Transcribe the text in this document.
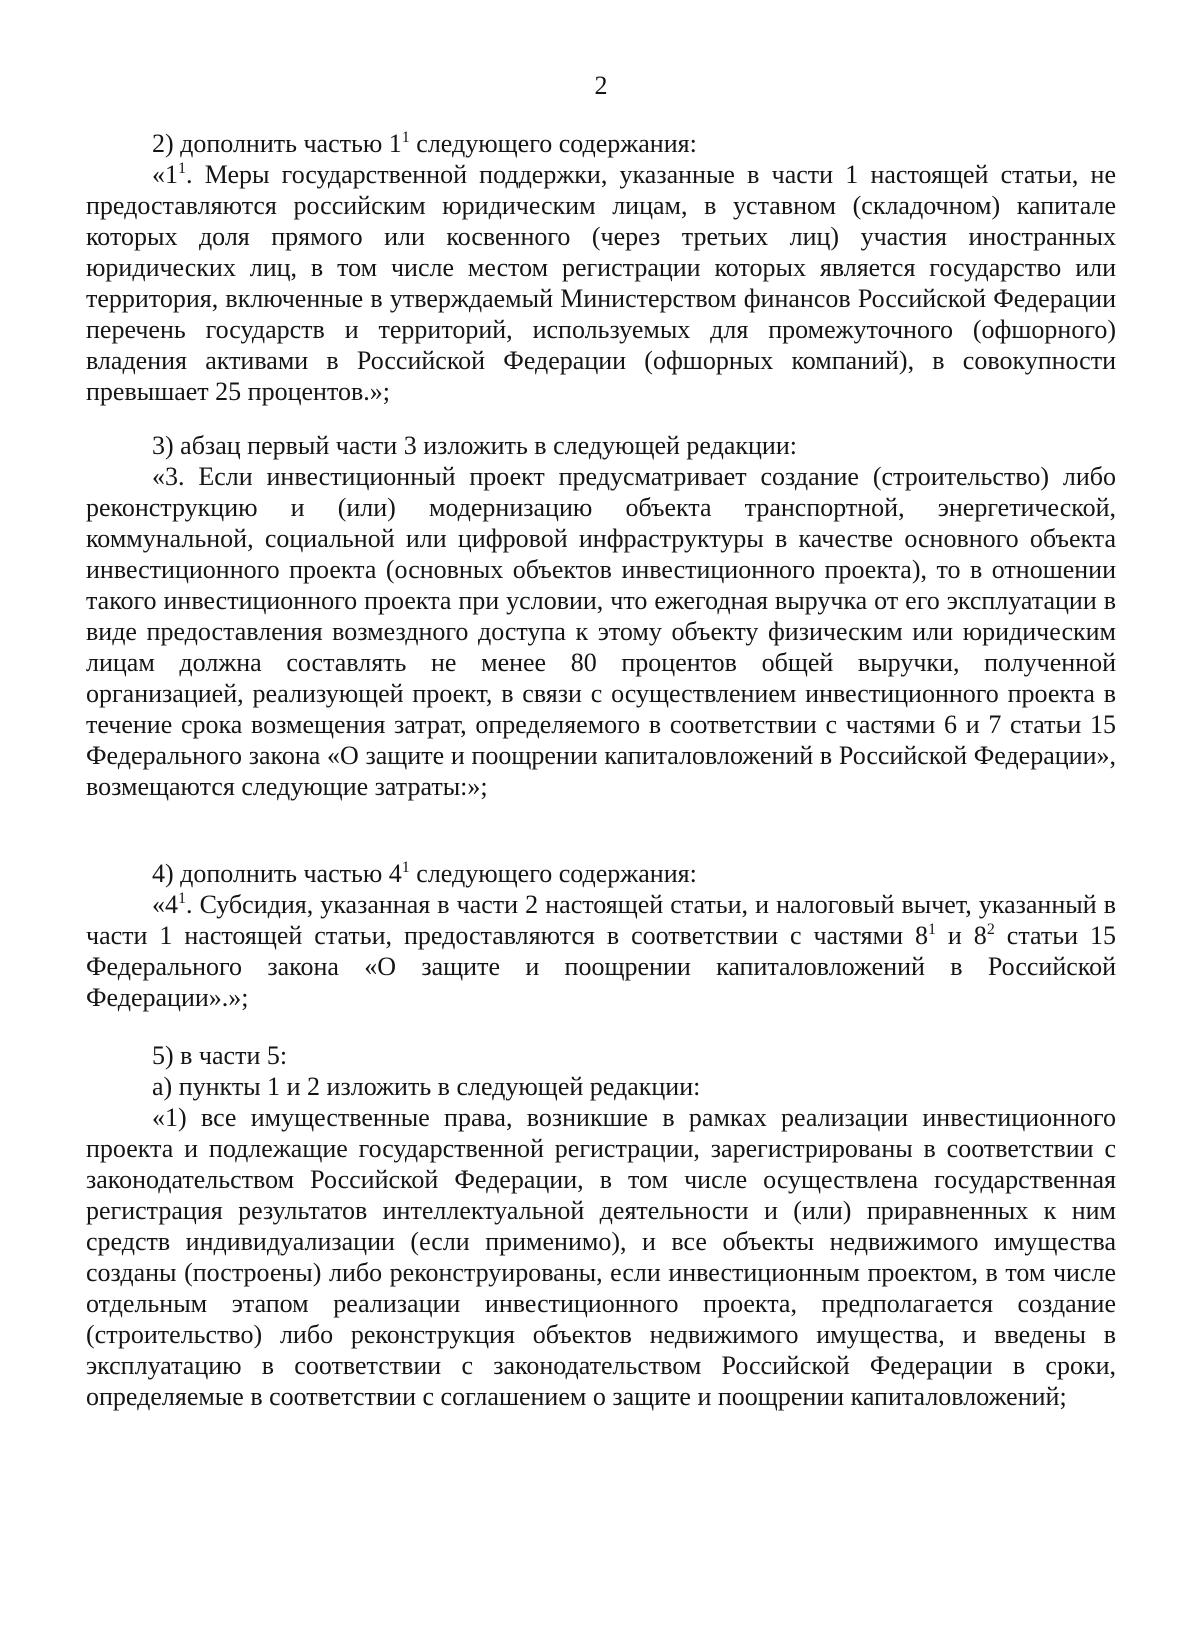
2

2) дополнить частью $1^1$ следующего содержания:

«$1^1$. Меры государственной поддержки, указанные в части 1 настоящей статьи, не предоставляются российским юридическим лицам, в уставном (складочном) капитале которых доля прямого или косвенного (через третьих лиц) участия иностранных юридических лиц, в том числе местом регистрации которых является государство или территория, включенные в утверждаемый Министерством финансов Российской Федерации перечень государств и территорий, используемых для промежуточного (офшорного) владения активами в Российской Федерации (офшорных компаний), в совокупности превышает 25 процентов.»;

3) абзац первый части 3 изложить в следующей редакции:

«3. Если инвестиционный проект предусматривает создание (строительство) либо реконструкцию и (или) модернизацию объекта транспортной, энергетической, коммунальной, социальной или цифровой инфраструктуры в качестве основного объекта инвестиционного проекта (основных объектов инвестиционного проекта), то в отношении такого инвестиционного проекта при условии, что ежегодная выручка от его эксплуатации в виде предоставления возмездного доступа к этому объекту физическим или юридическим лицам должна составлять не менее 80 процентов общей выручки, полученной организацией, реализующей проект, в связи с осуществлением инвестиционного проекта в течение срока возмещения затрат, определяемого в соответствии с частями 6 и 7 статьи 15 Федерального закона «О защите и поощрении капиталовложений в Российской Федерации», возмещаются следующие затраты:»;

4) дополнить частью $4^1$ следующего содержания:

«$4^1$. Субсидия, указанная в части 2 настоящей статьи, и налоговый вычет, указанный в части 1 настоящей статьи, предоставляются в соответствии с частями $8^1$ и $8^2$ статьи 15 Федерального закона «О защите и поощрении капиталовложений в Российской Федерации».»;

5) в части 5:

а) пункты 1 и 2 изложить в следующей редакции:

«1) все имущественные права, возникшие в рамках реализации инвестиционного проекта и подлежащие государственной регистрации, зарегистрированы в соответствии с законодательством Российской Федерации, в том числе осуществлена государственная регистрация результатов интеллектуальной деятельности и (или) приравненных к ним средств индивидуализации (если применимо), и все объекты недвижимого имущества созданы (построены) либо реконструированы, если инвестиционным проектом, в том числе отдельным этапом реализации инвестиционного проекта, предполагается создание (строительство) либо реконструкция объектов недвижимого имущества, и введены в эксплуатацию в соответствии с законодательством Российской Федерации в сроки, определяемые в соответствии с соглашением о защите и поощрении капиталовложений;
